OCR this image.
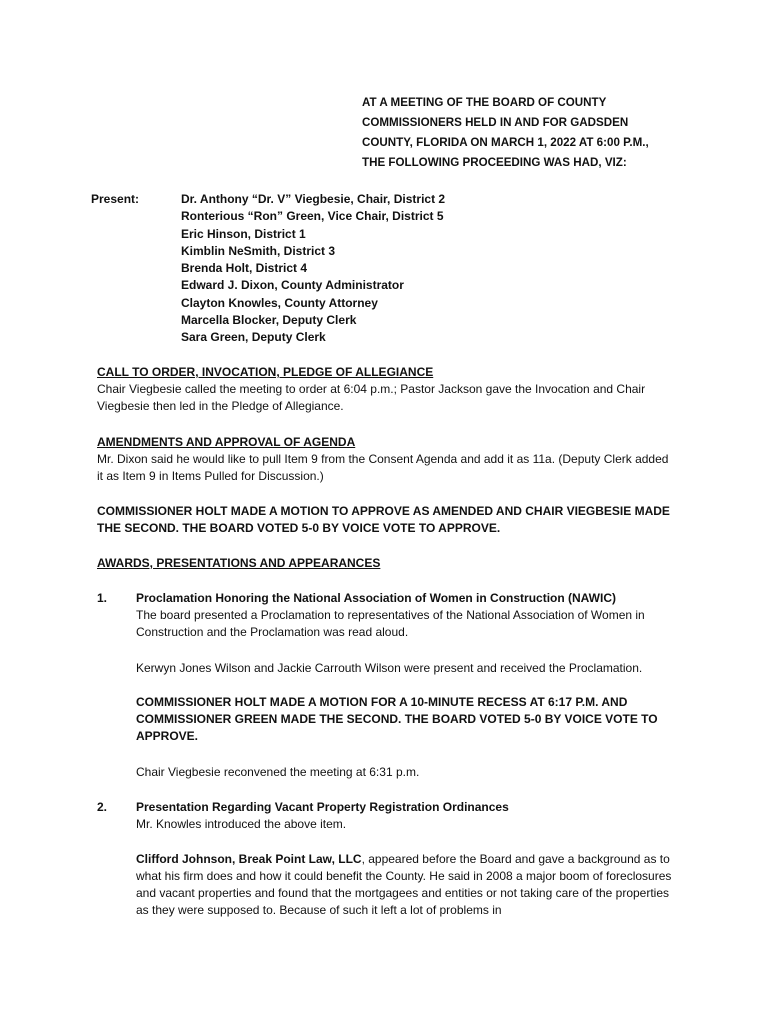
AT A MEETING OF THE BOARD OF COUNTY
COMMISSIONERS HELD IN AND FOR GADSDEN
COUNTY, FLORIDA ON MARCH 1, 2022 AT 6:00 P.M.,
THE FOLLOWING PROCEEDING WAS HAD, VIZ:
Present:	Dr. Anthony “Dr. V” Viegbesie, Chair, District 2
Ronterious “Ron” Green, Vice Chair, District 5
Eric Hinson, District 1
Kimblin NeSmith, District 3
Brenda Holt, District 4
Edward J. Dixon, County Administrator
Clayton Knowles, County Attorney
Marcella Blocker, Deputy Clerk
Sara Green, Deputy Clerk
CALL TO ORDER, INVOCATION, PLEDGE OF ALLEGIANCE

Chair Viegbesie called the meeting to order at 6:04 p.m.; Pastor Jackson gave the Invocation and Chair Viegbesie then led in the Pledge of Allegiance.

AMENDMENTS AND APPROVAL OF AGENDA

Mr. Dixon said he would like to pull Item 9 from the Consent Agenda and add it as 11a. (Deputy Clerk added it as Item 9 in Items Pulled for Discussion.)

COMMISSIONER HOLT MADE A MOTION TO APPROVE AS AMENDED AND CHAIR VIEGBESIE MADE THE SECOND. THE BOARD VOTED 5-0 BY VOICE VOTE TO APPROVE.
AWARDS, PRESENTATIONS AND APPEARANCES
1. Proclamation Honoring the National Association of Women in Construction (NAWIC)

The board presented a Proclamation to representatives of the National Association of Women in Construction and the Proclamation was read aloud.

Kerwyn Jones Wilson and Jackie Carrouth Wilson were present and received the Proclamation.
COMMISSIONER HOLT MADE A MOTION FOR A 10-MINUTE RECESS AT 6:17 P.M. AND COMMISSIONER GREEN MADE THE SECOND. THE BOARD VOTED 5-0 BY VOICE VOTE TO APPROVE.
Chair Viegbesie reconvened the meeting at 6:31 p.m.
2. Presentation Regarding Vacant Property Registration Ordinances

Mr. Knowles introduced the above item.

Clifford Johnson, Break Point Law, LLC, appeared before the Board and gave a background as to what his firm does and how it could benefit the County. He said in 2008 a major boom of foreclosures and vacant properties and found that the mortgagees and entities or not taking care of the properties as they were supposed to. Because of such it left a lot of problems in
